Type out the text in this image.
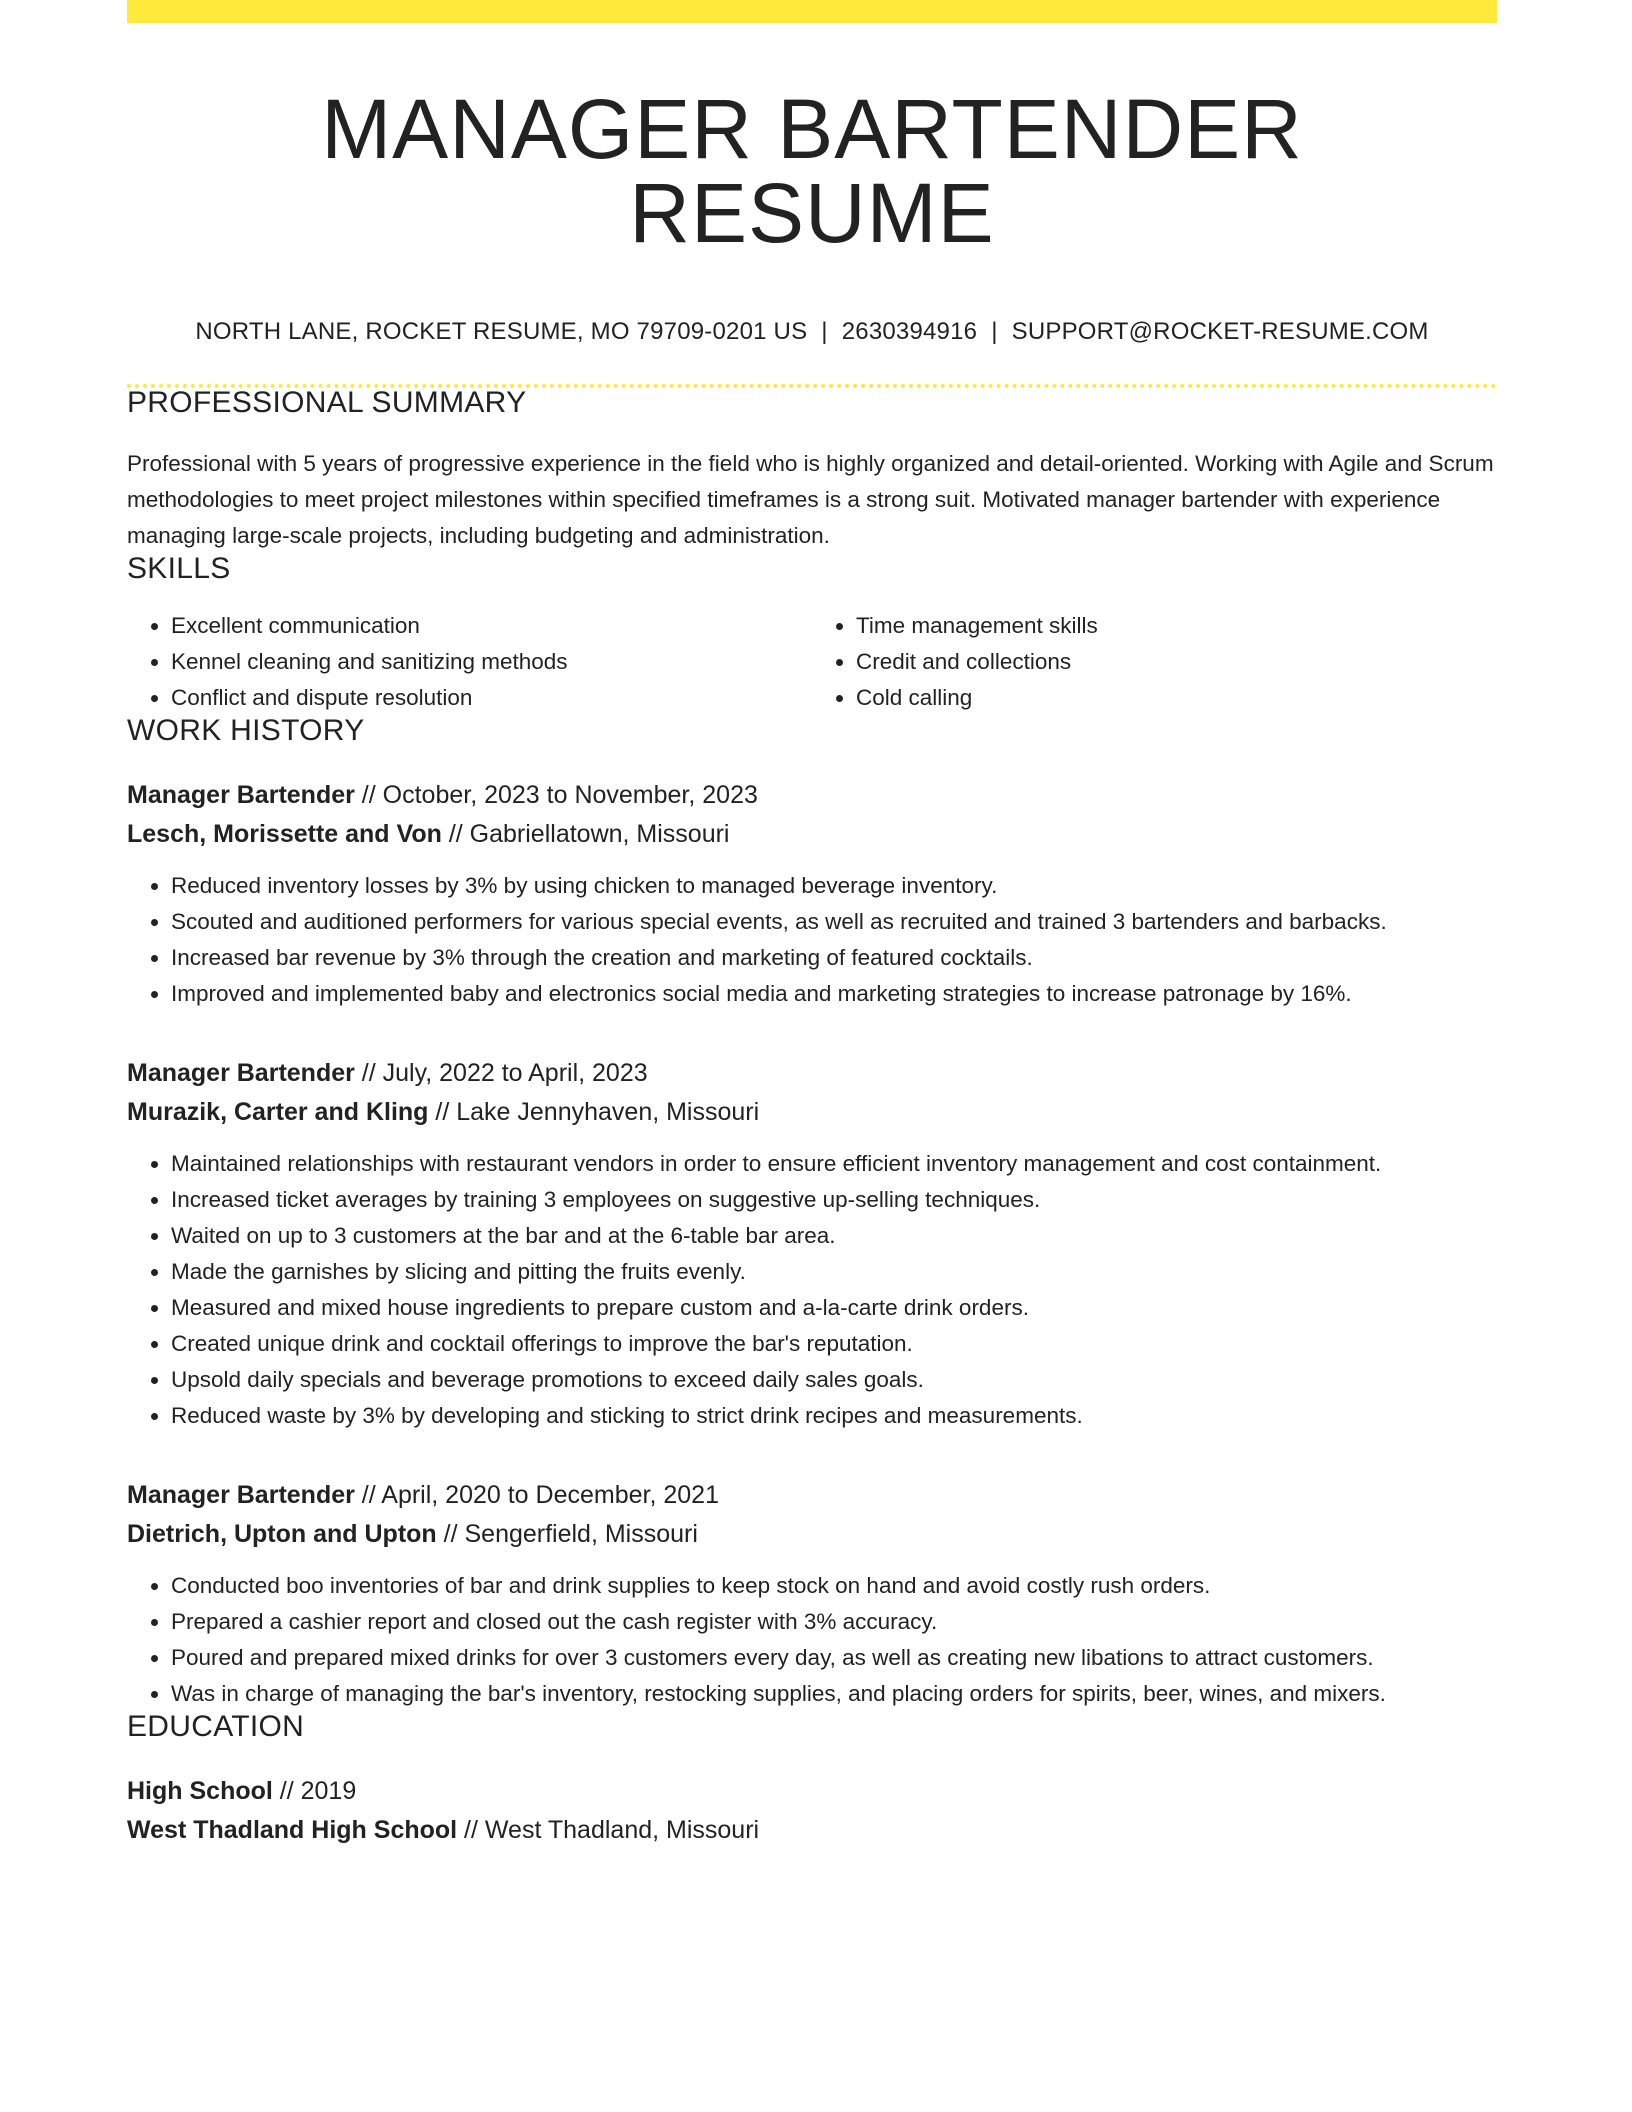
MANAGER BARTENDER RESUME
NORTH LANE, ROCKET RESUME, MO 79709-0201 US | 2630394916 | SUPPORT@ROCKET-RESUME.COM
PROFESSIONAL SUMMARY
Professional with 5 years of progressive experience in the field who is highly organized and detail-oriented. Working with Agile and Scrum methodologies to meet project milestones within specified timeframes is a strong suit. Motivated manager bartender with experience managing large-scale projects, including budgeting and administration.
SKILLS
• Excellent communication
• Kennel cleaning and sanitizing methods
• Conflict and dispute resolution
• Time management skills
• Credit and collections
• Cold calling
WORK HISTORY
Manager Bartender // October, 2023 to November, 2023
Lesch, Morissette and Von // Gabriellatown, Missouri
• Reduced inventory losses by 3% by using chicken to managed beverage inventory.
• Scouted and auditioned performers for various special events, as well as recruited and trained 3 bartenders and barbacks.
• Increased bar revenue by 3% through the creation and marketing of featured cocktails.
• Improved and implemented baby and electronics social media and marketing strategies to increase patronage by 16%.
Manager Bartender // July, 2022 to April, 2023
Murazik, Carter and Kling // Lake Jennyhaven, Missouri
• Maintained relationships with restaurant vendors in order to ensure efficient inventory management and cost containment.
• Increased ticket averages by training 3 employees on suggestive up-selling techniques.
• Waited on up to 3 customers at the bar and at the 6-table bar area.
• Made the garnishes by slicing and pitting the fruits evenly.
• Measured and mixed house ingredients to prepare custom and a-la-carte drink orders.
• Created unique drink and cocktail offerings to improve the bar's reputation.
• Upsold daily specials and beverage promotions to exceed daily sales goals.
• Reduced waste by 3% by developing and sticking to strict drink recipes and measurements.
Manager Bartender // April, 2020 to December, 2021
Dietrich, Upton and Upton // Sengerfield, Missouri
• Conducted boo inventories of bar and drink supplies to keep stock on hand and avoid costly rush orders.
• Prepared a cashier report and closed out the cash register with 3% accuracy.
• Poured and prepared mixed drinks for over 3 customers every day, as well as creating new libations to attract customers.
• Was in charge of managing the bar's inventory, restocking supplies, and placing orders for spirits, beer, wines, and mixers.
EDUCATION
High School // 2019
West Thadland High School // West Thadland, Missouri
